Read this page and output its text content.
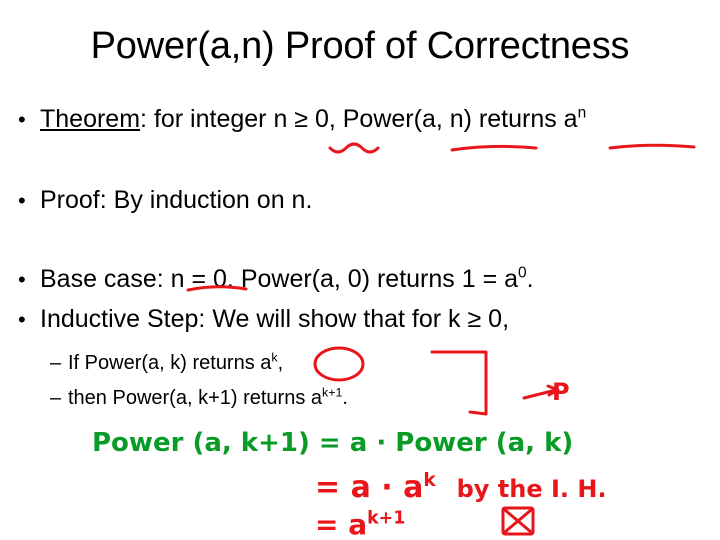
Power(a,n) Proof of Correctness
• Theorem: for integer n ≥ 0, Power(a, n) returns $a^n$
• Proof: By induction on n.
• Base case: n = 0. Power(a, 0) returns $1 = a^0$.
• Inductive Step: We will show that for k ≥ 0,
– If Power(a, k) returns $a^k$,
– then Power(a, k+1) returns $a^{k+1}$.
Power (a, k+1) = a · Power (a, k)
= $a \cdot a^k$ by the I. H.
= $a^{k+1}$
P
